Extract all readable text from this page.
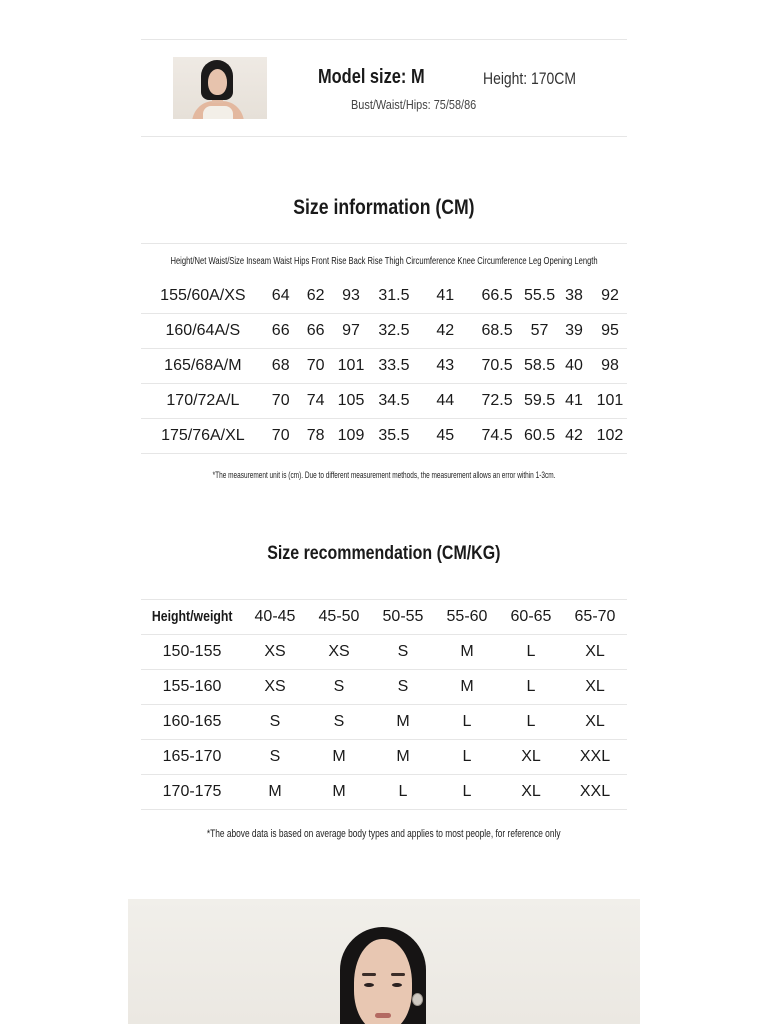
Model size: M	Height: 170CM
Bust/Waist/Hips: 75/58/86
Size information (CM)
Height/Net Waist/Size Inseam Waist Hips Front Rise Back Rise Thigh Circumference Knee Circumference Leg Opening Length
155/60A/XS	64	62	93	31.5	41	66.5	55.5	38	92
160/64A/S	66	66	97	32.5	42	68.5	57	39	95
165/68A/M	68	70	101	33.5	43	70.5	58.5	40	98
170/72A/L	70	74	105	34.5	44	72.5	59.5	41	101
175/76A/XL	70	78	109	35.5	45	74.5	60.5	42	102
*The measurement unit is (cm). Due to different measurement methods, the measurement allows an error within 1-3cm.
Size recommendation (CM/KG)
Height/weight	40-45	45-50	50-55	55-60	60-65	65-70
150-155	XS	XS	S	M	L	XL
155-160	XS	S	S	M	L	XL
160-165	S	S	M	L	L	XL
165-170	S	M	M	L	XL	XXL
170-175	M	M	L	L	XL	XXL
*The above data is based on average body types and applies to most people, for reference only
